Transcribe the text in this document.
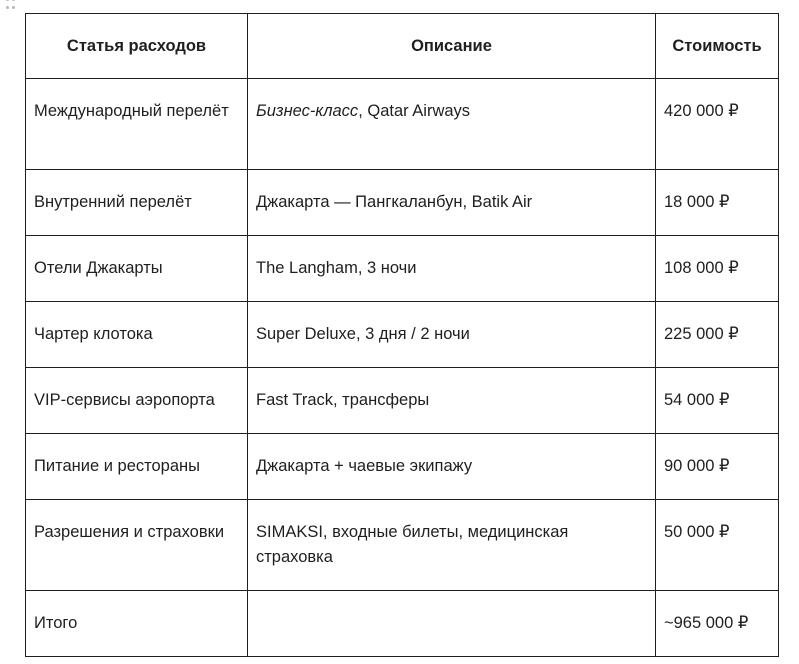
Статья расходов	Описание	Стоимость
Международный перелёт	Бизнес-класс, Qatar Airways	420 000 ₽
Внутренний перелёт	Джакарта — Пангкаланбун, Batik Air	18 000 ₽
Отели Джакарты	The Langham, 3 ночи	108 000 ₽
Чартер клотока	Super Deluxe, 3 дня / 2 ночи	225 000 ₽
VIP-сервисы аэропорта	Fast Track, трансферы	54 000 ₽
Питание и рестораны	Джакарта + чаевые экипажу	90 000 ₽
Разрешения и страховки	SIMAKSI, входные билеты, медицинская страховка	50 000 ₽
Итого		~965 000 ₽
